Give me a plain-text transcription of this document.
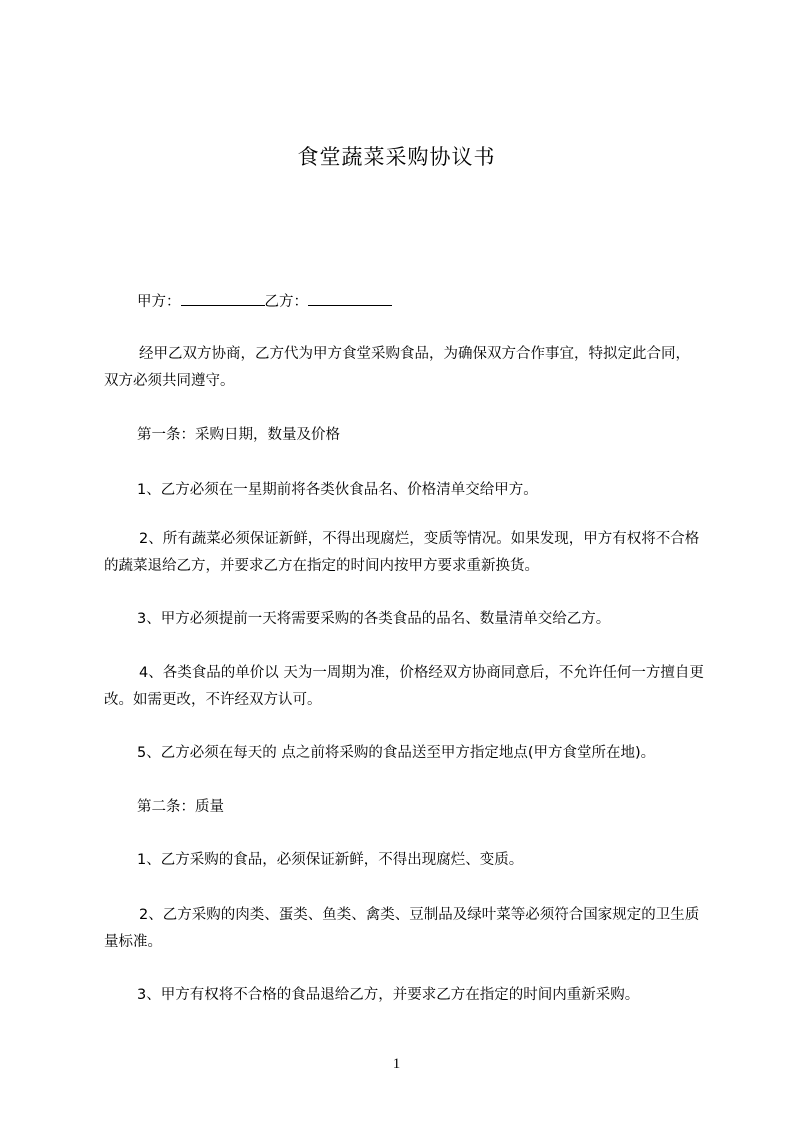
食堂蔬菜采购协议书
甲方：	乙方：
经甲乙双方协商，乙方代为甲方食堂采购食品，为确保双方合作事宜，特拟定此合同，双方必须共同遵守。
第一条：采购日期，数量及价格
1、乙方必须在一星期前将各类伙食品名、价格清单交给甲方。
2、所有蔬菜必须保证新鲜，不得出现腐烂，变质等情况。如果发现，甲方有权将不合格的蔬菜退给乙方，并要求乙方在指定的时间内按甲方要求重新换货。
3、甲方必须提前一天将需要采购的各类食品的品名、数量清单交给乙方。
4、各类食品的单价以 天为一周期为准，价格经双方协商同意后，不允许任何一方擅自更改。如需更改，不许经双方认可。
5、乙方必须在每天的 点之前将采购的食品送至甲方指定地点(甲方食堂所在地)。
第二条：质量
1、乙方采购的食品，必须保证新鲜，不得出现腐烂、变质。
2、乙方采购的肉类、蛋类、鱼类、禽类、豆制品及绿叶菜等必须符合国家规定的卫生质量标准。
3、甲方有权将不合格的食品退给乙方，并要求乙方在指定的时间内重新采购。
1
